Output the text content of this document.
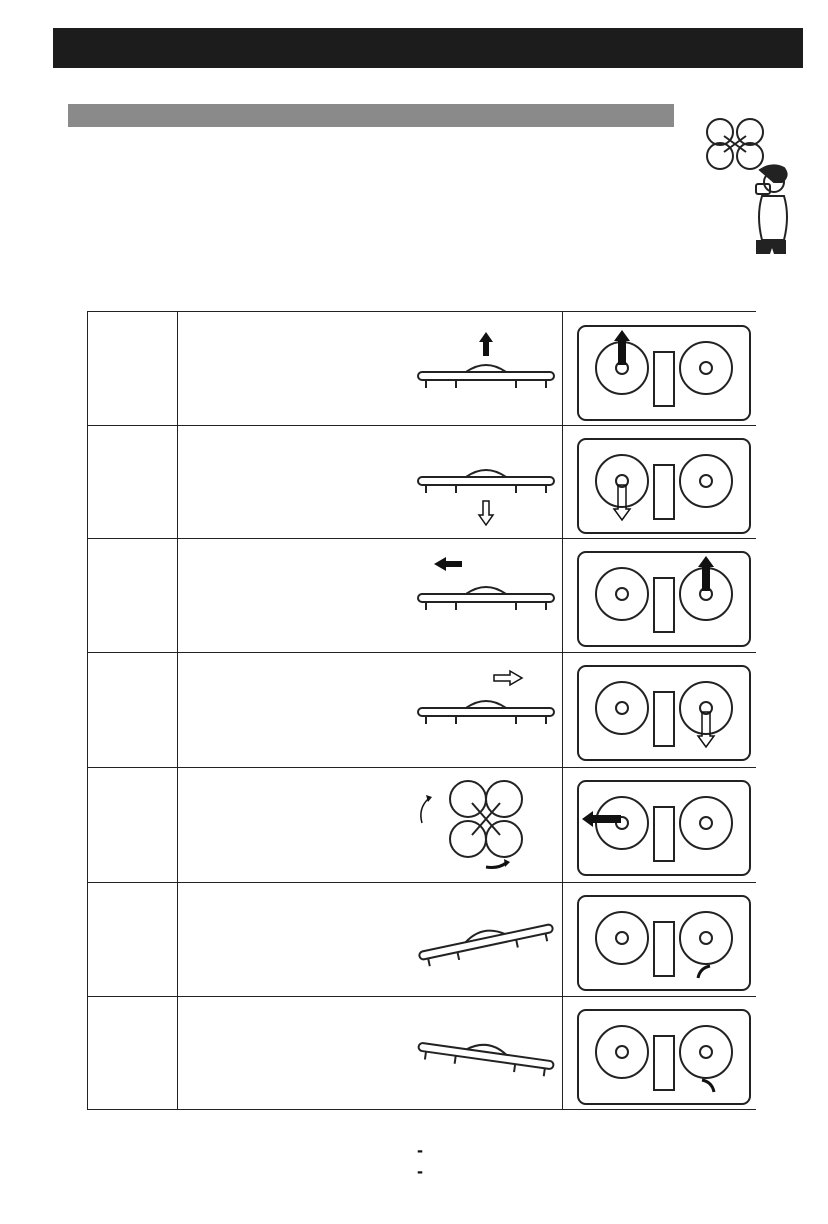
- -
